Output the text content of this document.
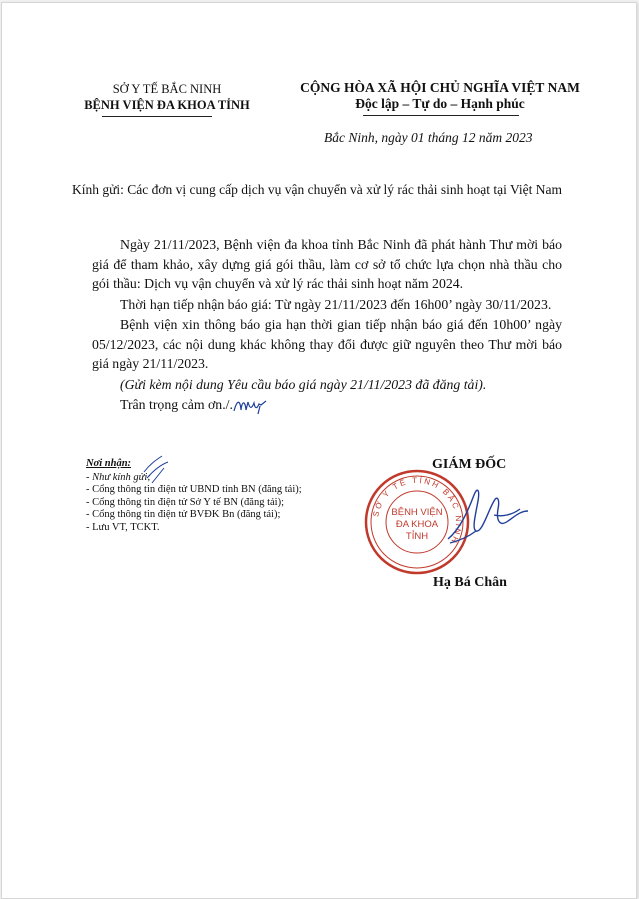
SỞ Y TẾ BẮC NINH
BỆNH VIỆN ĐA KHOA TỈNH
CỘNG HÒA XÃ HỘI CHỦ NGHĨA VIỆT NAM
Độc lập – Tự do – Hạnh phúc
Bắc Ninh, ngày 01 tháng 12 năm 2023
Kính gửi: Các đơn vị cung cấp dịch vụ vận chuyển và xử lý rác thải sinh hoạt tại Việt Nam

Ngày 21/11/2023, Bệnh viện đa khoa tỉnh Bắc Ninh đã phát hành Thư mời báo giá để tham khảo, xây dựng giá gói thầu, làm cơ sở tổ chức lựa chọn nhà thầu cho gói thầu: Dịch vụ vận chuyển và xử lý rác thải sinh hoạt năm 2024.

Thời hạn tiếp nhận báo giá: Từ ngày 21/11/2023 đến 16h00’ ngày 30/11/2023.

Bệnh viện xin thông báo gia hạn thời gian tiếp nhận báo giá đến 10h00’ ngày 05/12/2023, các nội dung khác không thay đổi được giữ nguyên theo Thư mời báo giá ngày 21/11/2023.

(Gửi kèm nội dung Yêu cầu báo giá ngày 21/11/2023 đã đăng tải).

Trân trọng cảm ơn./.

Nơi nhận:
- Như kính gửi;
- Cổng thông tin điện tử UBND tỉnh BN (đăng tải);
- Cổng thông tin điện tử Sở Y tế BN (đăng tải);
- Cổng thông tin điện tử BVĐK Bn (đăng tải);
- Lưu VT, TCKT.
GIÁM ĐỐC
SỞ Y TẾ TỈNH BẮC NINH
BỆNH VIỆN
ĐA KHOA
TỈNH
Hạ Bá Chân
